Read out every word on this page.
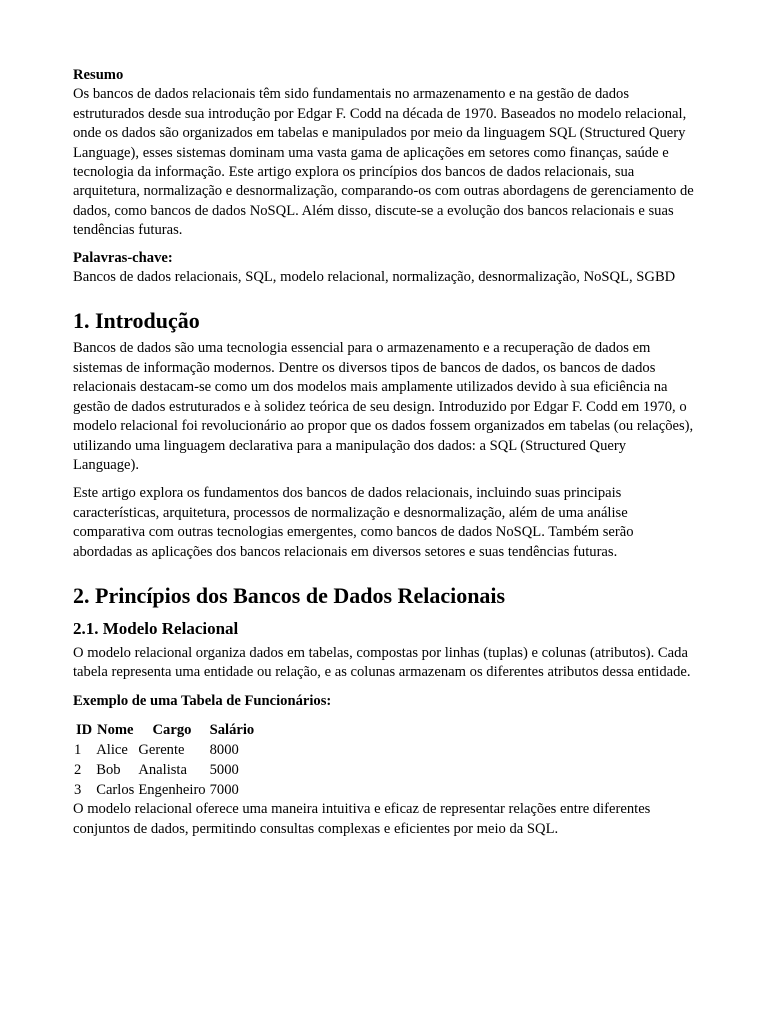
Resumo

Os bancos de dados relacionais têm sido fundamentais no armazenamento e na gestão de dados estruturados desde sua introdução por Edgar F. Codd na década de 1970. Baseados no modelo relacional, onde os dados são organizados em tabelas e manipulados por meio da linguagem SQL (Structured Query Language), esses sistemas dominam uma vasta gama de aplicações em setores como finanças, saúde e tecnologia da informação. Este artigo explora os princípios dos bancos de dados relacionais, sua arquitetura, normalização e desnormalização, comparando-os com outras abordagens de gerenciamento de dados, como bancos de dados NoSQL. Além disso, discute-se a evolução dos bancos relacionais e suas tendências futuras.

Palavras-chave:

Bancos de dados relacionais, SQL, modelo relacional, normalização, desnormalização, NoSQL, SGBD

1. Introdução

Bancos de dados são uma tecnologia essencial para o armazenamento e a recuperação de dados em sistemas de informação modernos. Dentre os diversos tipos de bancos de dados, os bancos de dados relacionais destacam-se como um dos modelos mais amplamente utilizados devido à sua eficiência na gestão de dados estruturados e à solidez teórica de seu design. Introduzido por Edgar F. Codd em 1970, o modelo relacional foi revolucionário ao propor que os dados fossem organizados em tabelas (ou relações), utilizando uma linguagem declarativa para a manipulação dos dados: a SQL (Structured Query Language).

Este artigo explora os fundamentos dos bancos de dados relacionais, incluindo suas principais características, arquitetura, processos de normalização e desnormalização, além de uma análise comparativa com outras tecnologias emergentes, como bancos de dados NoSQL. Também serão abordadas as aplicações dos bancos relacionais em diversos setores e suas tendências futuras.

2. Princípios dos Bancos de Dados Relacionais
2.1. Modelo Relacional

O modelo relacional organiza dados em tabelas, compostas por linhas (tuplas) e colunas (atributos). Cada tabela representa uma entidade ou relação, e as colunas armazenam os diferentes atributos dessa entidade.

Exemplo de uma Tabela de Funcionários:
ID	Nome	Cargo	Salário
1	Alice	Gerente	8000
2	Bob	Analista	5000
3	Carlos	Engenheiro	7000

O modelo relacional oferece uma maneira intuitiva e eficaz de representar relações entre diferentes conjuntos de dados, permitindo consultas complexas e eficientes por meio da SQL.
